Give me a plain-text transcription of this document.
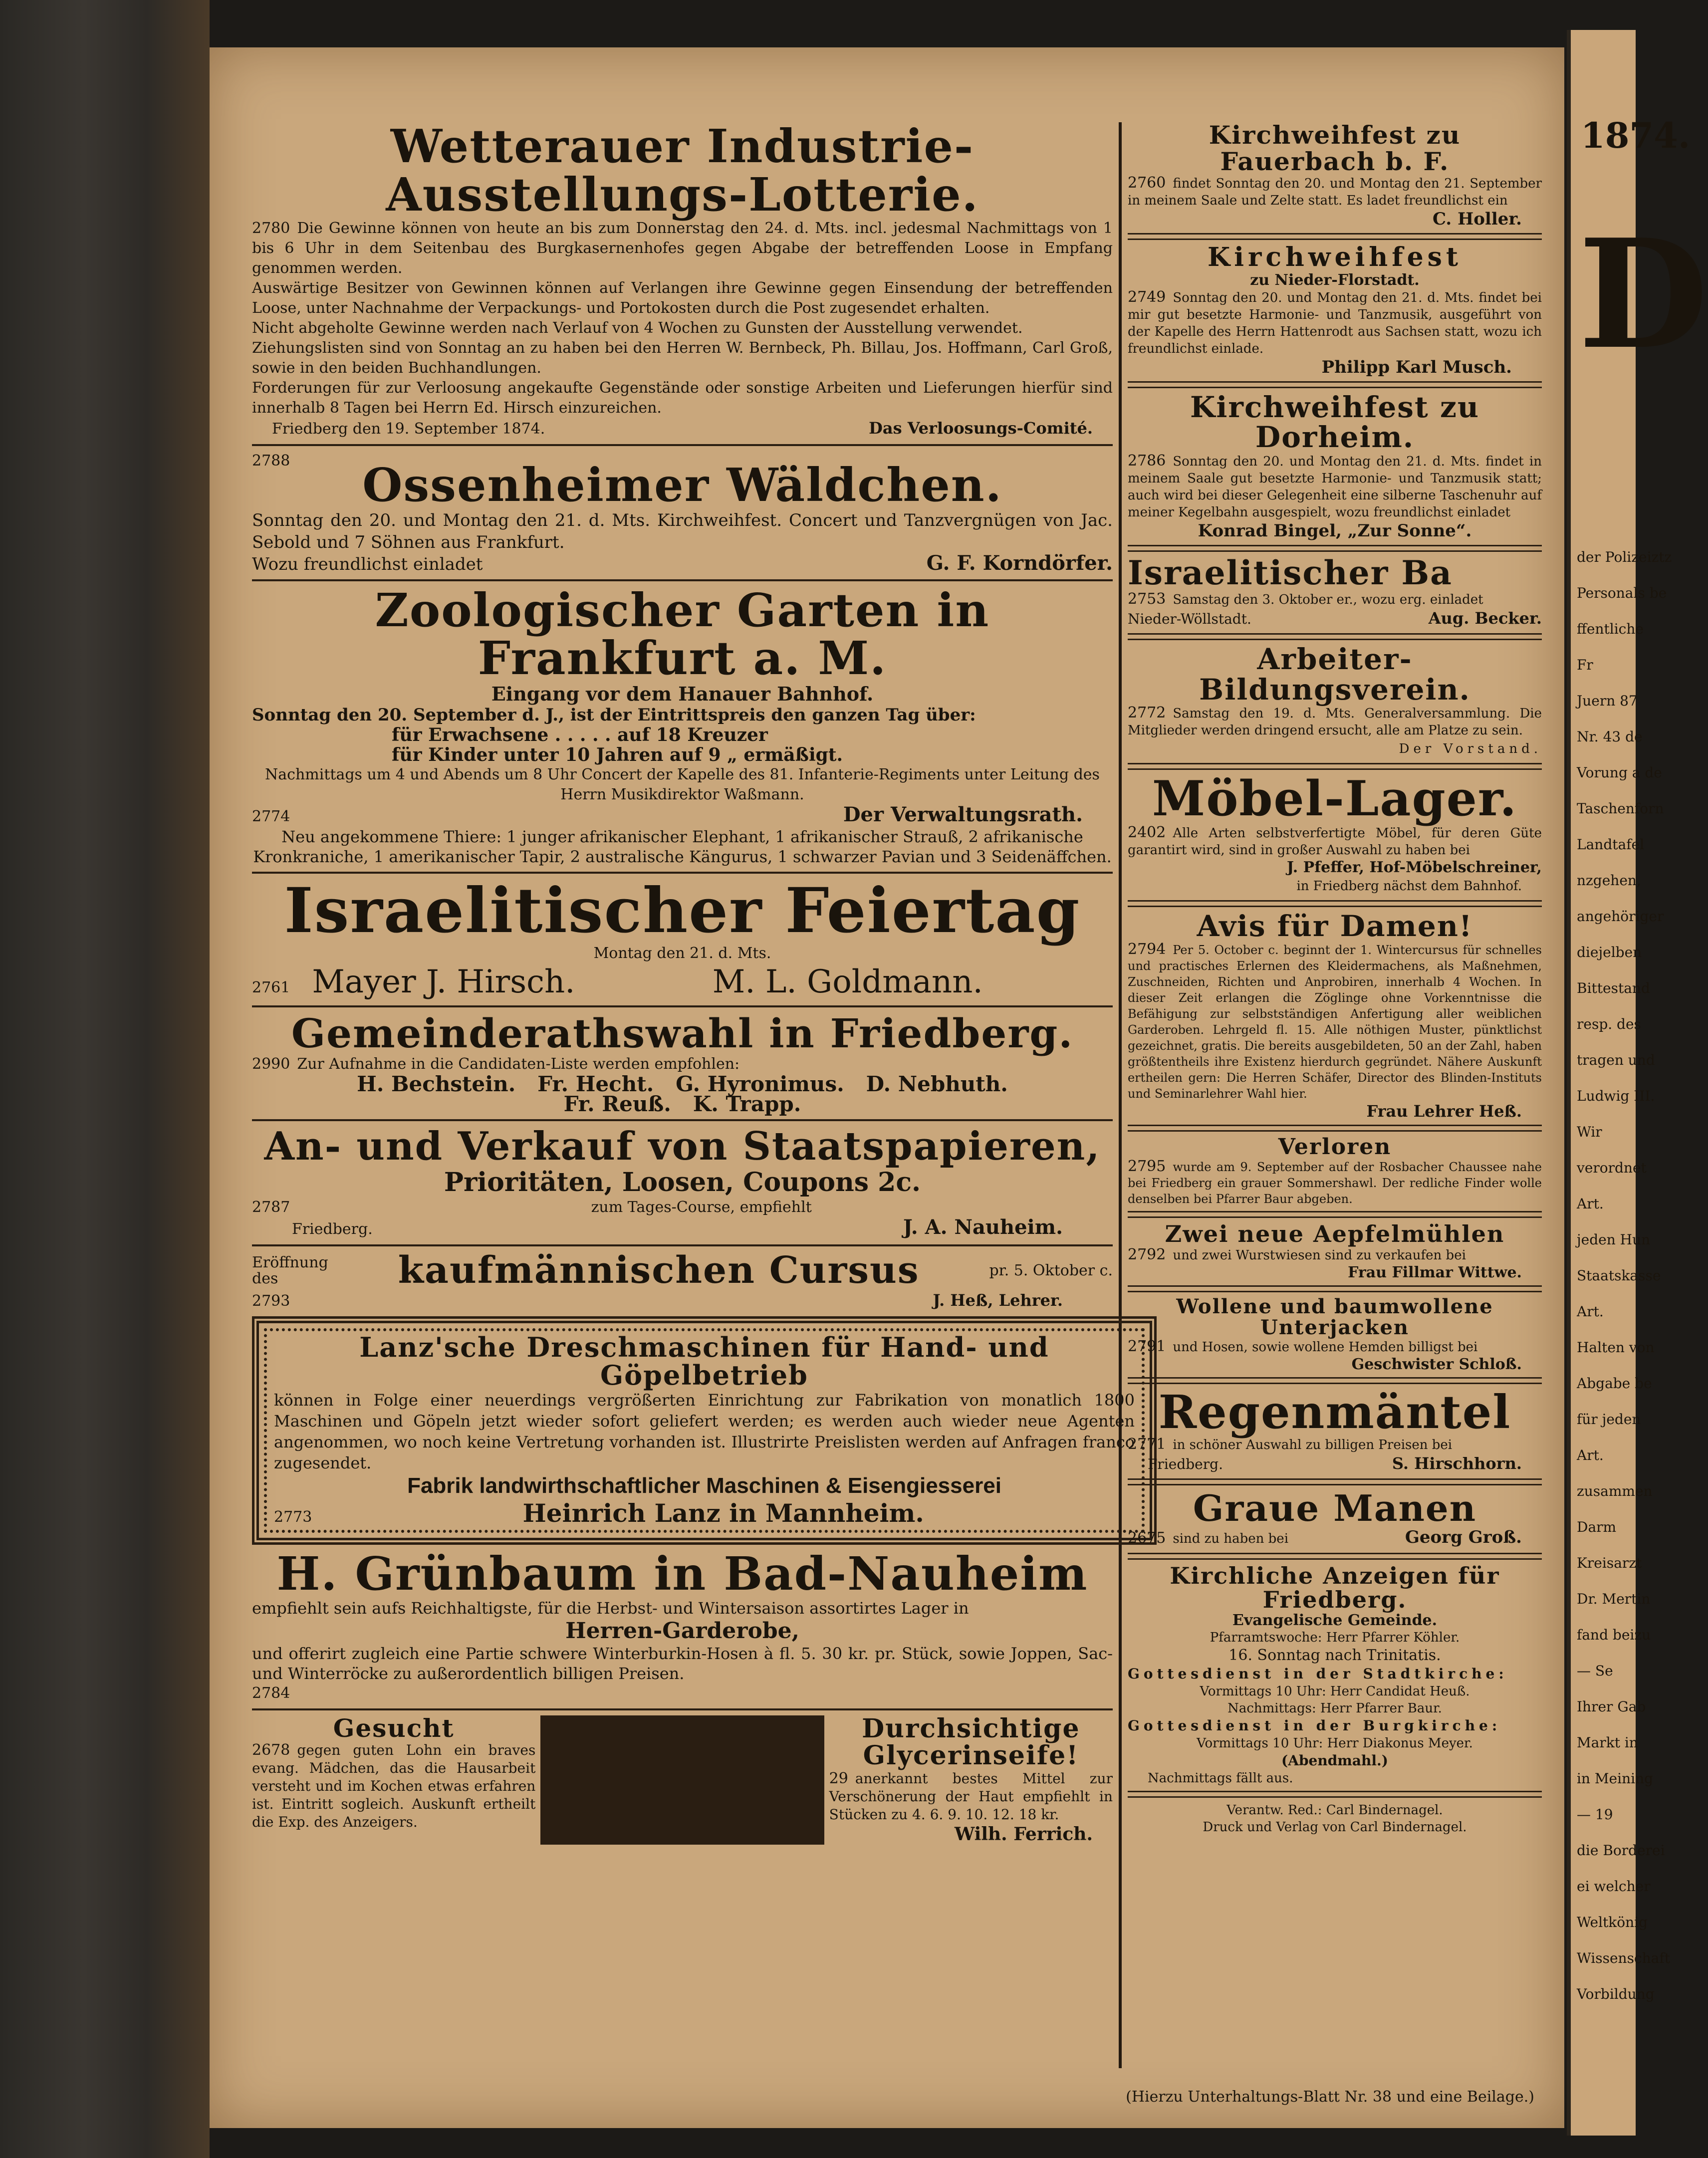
1874.
D
der Polizeiztz
Personals be
ffentliche
Fr
Juern 87
Nr. 43 de
Vorung a de
Taschenforn
Landtafel
nzgehen,
angehöriger
diejelben
Bittestand
resp. des
tragen und
Ludwig III.
Wir
verordnet
Art.
jeden Hun
Staatskasse
Art.
Halten von
Abgabe be
für jeden
Art.
zusammen
Darm
Kreisarzt
Dr. Mertin
fand beizu
— Se
Ihrer Gab
Markt in
in Meining
— 19
die Borderei
ei welcher
Weltkönig
Wissenschaft
Vorbildung
Wetterauer Industrie-Ausstellungs-Lotterie.
2780 Die Gewinne können von heute an bis zum Donnerstag den 24. d. Mts. incl. jedesmal Nachmittags von 1 bis 6 Uhr in dem Seitenbau des Burgkasernenhofes gegen Abgabe der betreffenden Loose in Empfang genommen werden.
Auswärtige Besitzer von Gewinnen können auf Verlangen ihre Gewinne gegen Einsendung der betreffenden Loose, unter Nachnahme der Verpackungs- und Portokosten durch die Post zugesendet erhalten.
Nicht abgeholte Gewinne werden nach Verlauf von 4 Wochen zu Gunsten der Ausstellung verwendet.
Ziehungslisten sind von Sonntag an zu haben bei den Herren W. Bernbeck, Ph. Billau, Jos. Hoffmann, Carl Groß, sowie in den beiden Buchhandlungen.
Forderungen für zur Verloosung angekaufte Gegenstände oder sonstige Arbeiten und Lieferungen hierfür sind innerhalb 8 Tagen bei Herrn Ed. Hirsch einzureichen.
Friedberg den 19. September 1874.	Das Verloosungs-Comité.
2788	Ossenheimer Wäldchen.
Sonntag den 20. und Montag den 21. d. Mts. Kirchweihfest. Concert und Tanzvergnügen von Jac. Sebold und 7 Söhnen aus Frankfurt.
Wozu freundlichst einladet	G. F. Korndörfer.
Zoologischer Garten in Frankfurt a. M.
Eingang vor dem Hanauer Bahnhof.
Sonntag den 20. September d. J., ist der Eintrittspreis den ganzen Tag über:
für Erwachsene . . . . . auf 18 Kreuzer
für Kinder unter 10 Jahren auf 9 „ ermäßigt.
Nachmittags um 4 und Abends um 8 Uhr Concert der Kapelle des 81. Infanterie-Regiments unter Leitung des Herrn Musikdirektor Waßmann.
2774	Der Verwaltungsrath.
Neu angekommene Thiere: 1 junger afrikanischer Elephant, 1 afrikanischer Strauß, 2 afrikanische Kronkraniche, 1 amerikanischer Tapir, 2 australische Kängurus, 1 schwarzer Pavian und 3 Seidenäffchen.
Israelitischer Feiertag
Montag den 21. d. Mts.
2761 Mayer J. Hirsch.	M. L. Goldmann.
Gemeinderathswahl in Friedberg.
2990 Zur Aufnahme in die Candidaten-Liste werden empfohlen:
H. Bechstein.   Fr. Hecht.   G. Hyronimus.   D. Nebhuth.
Fr. Reuß.   K. Trapp.
An- und Verkauf von Staatspapieren,
Prioritäten, Loosen, Coupons 2c.
2787	zum Tages-Course, empfiehlt
Friedberg.	J. A. Nauheim.
Eröffnung
des	kaufmännischen Cursus	pr. 5. Oktober c.
2793	J. Heß, Lehrer.
Lanz'sche Dreschmaschinen für Hand- und Göpelbetrieb
können in Folge einer neuerdings vergrößerten Einrichtung zur Fabrikation von monatlich 1800 Maschinen und Göpeln jetzt wieder sofort geliefert werden; es werden auch wieder neue Agenten angenommen, wo noch keine Vertretung vorhanden ist. Illustrirte Preislisten werden auf Anfragen franco zugesendet.
Fabrik landwirthschaftlicher Maschinen & Eisengiesserei
2773	Heinrich Lanz in Mannheim.
H. Grünbaum in Bad-Nauheim
empfiehlt sein aufs Reichhaltigste, für die Herbst- und Wintersaison assortirtes Lager in
Herren-Garderobe,
und offerirt zugleich eine Partie schwere Winterburkin-Hosen à fl. 5. 30 kr. pr. Stück, sowie Joppen, Sac- und Winterröcke zu außerordentlich billigen Preisen.
2784
Gesucht
2678 gegen guten Lohn ein braves evang. Mädchen, das die Hausarbeit versteht und im Kochen etwas erfahren ist. Eintritt sogleich. Auskunft ertheilt die Exp. des Anzeigers.
Durchsichtige Glycerinseife!
29 anerkannt bestes Mittel zur Verschönerung der Haut empfiehlt in Stücken zu 4. 6. 9. 10. 12. 18 kr.
Wilh. Ferrich.
Kirchweihfest zu Fauerbach b. F.
2760 findet Sonntag den 20. und Montag den 21. September in meinem Saale und Zelte statt. Es ladet freundlichst ein
C. Holler.
Kirchweihfest
zu Nieder-Florstadt.
2749 Sonntag den 20. und Montag den 21. d. Mts. findet bei mir gut besetzte Harmonie- und Tanzmusik, ausgeführt von der Kapelle des Herrn Hattenrodt aus Sachsen statt, wozu ich freundlichst einlade.
Philipp Karl Musch.
Kirchweihfest zu Dorheim.
2786 Sonntag den 20. und Montag den 21. d. Mts. findet in meinem Saale gut besetzte Harmonie- und Tanzmusik statt; auch wird bei dieser Gelegenheit eine silberne Taschenuhr auf meiner Kegelbahn ausgespielt, wozu freundlichst einladet
Konrad Bingel, „Zur Sonne“.
Israelitischer Ba
2753 Samstag den 3. Oktober er., wozu erg. einladet
Nieder-Wöllstadt.	Aug. Becker.
Arbeiter-Bildungsverein.
2772 Samstag den 19. d. Mts. Generalversammlung. Die Mitglieder werden dringend ersucht, alle am Platze zu sein.
Der Vorstand.
Möbel-Lager.
2402 Alle Arten selbstverfertigte Möbel, für deren Güte garantirt wird, sind in großer Auswahl zu haben bei
J. Pfeffer, Hof-Möbelschreiner,
in Friedberg nächst dem Bahnhof.
Avis für Damen!
2794 Per 5. October c. beginnt der 1. Wintercursus für schnelles und practisches Erlernen des Kleidermachens, als Maßnehmen, Zuschneiden, Richten und Anprobiren, innerhalb 4 Wochen. In dieser Zeit erlangen die Zöglinge ohne Vorkenntnisse die Befähigung zur selbstständigen Anfertigung aller weiblichen Garderoben. Lehrgeld fl. 15. Alle nöthigen Muster, pünktlichst gezeichnet, gratis. Die bereits ausgebildeten, 50 an der Zahl, haben größtentheils ihre Existenz hierdurch gegründet. Nähere Auskunft ertheilen gern: Die Herren Schäfer, Director des Blinden-Instituts und Seminarlehrer Wahl hier.
Frau Lehrer Heß.
Verloren
2795 wurde am 9. September auf der Rosbacher Chaussee nahe bei Friedberg ein grauer Sommershawl. Der redliche Finder wolle denselben bei Pfarrer Baur abgeben.
Zwei neue Aepfelmühlen
2792 und zwei Wurstwiesen sind zu verkaufen bei
Frau Fillmar Wittwe.
Wollene und baumwollene Unterjacken
2791 und Hosen, sowie wollene Hemden billigst bei
Geschwister Schloß.
Regenmäntel
2771 in schöner Auswahl zu billigen Preisen bei
Friedberg.	S. Hirschhorn.
Graue Manen
2675 sind zu haben bei	Georg Groß.
Kirchliche Anzeigen für Friedberg.
Evangelische Gemeinde.
Pfarramtswoche: Herr Pfarrer Köhler.
16. Sonntag nach Trinitatis.
Gottesdienst in der Stadtkirche:
Vormittags 10 Uhr: Herr Candidat Heuß.
Nachmittags: Herr Pfarrer Baur.
Gottesdienst in der Burgkirche:
Vormittags 10 Uhr: Herr Diakonus Meyer.
(Abendmahl.)
Nachmittags fällt aus.
Verantw. Red.: Carl Bindernagel.
Druck und Verlag von Carl Bindernagel.
(Hierzu Unterhaltungs-Blatt Nr. 38 und eine Beilage.)
